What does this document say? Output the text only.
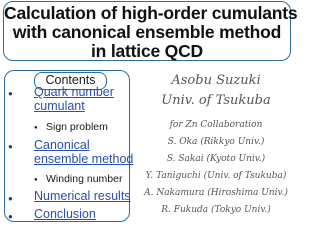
Calculation of high-order cumulants
with canonical ensemble method
in lattice QCD
Contents
● Quark number
cumulant
● Sign problem
● Canonical
ensemble method
● Winding number
● Numerical results
● Conclusion
Asobu Suzuki
Univ. of Tsukuba
for Zn Collaboration
S. Oka (Rikkyo Univ.)
S. Sakai (Kyoto Univ.)
Y. Taniguchi (Univ. of Tsukuba)
A. Nakamura (Hiroshima Univ.)
R. Fukuda (Tokyo Univ.)
